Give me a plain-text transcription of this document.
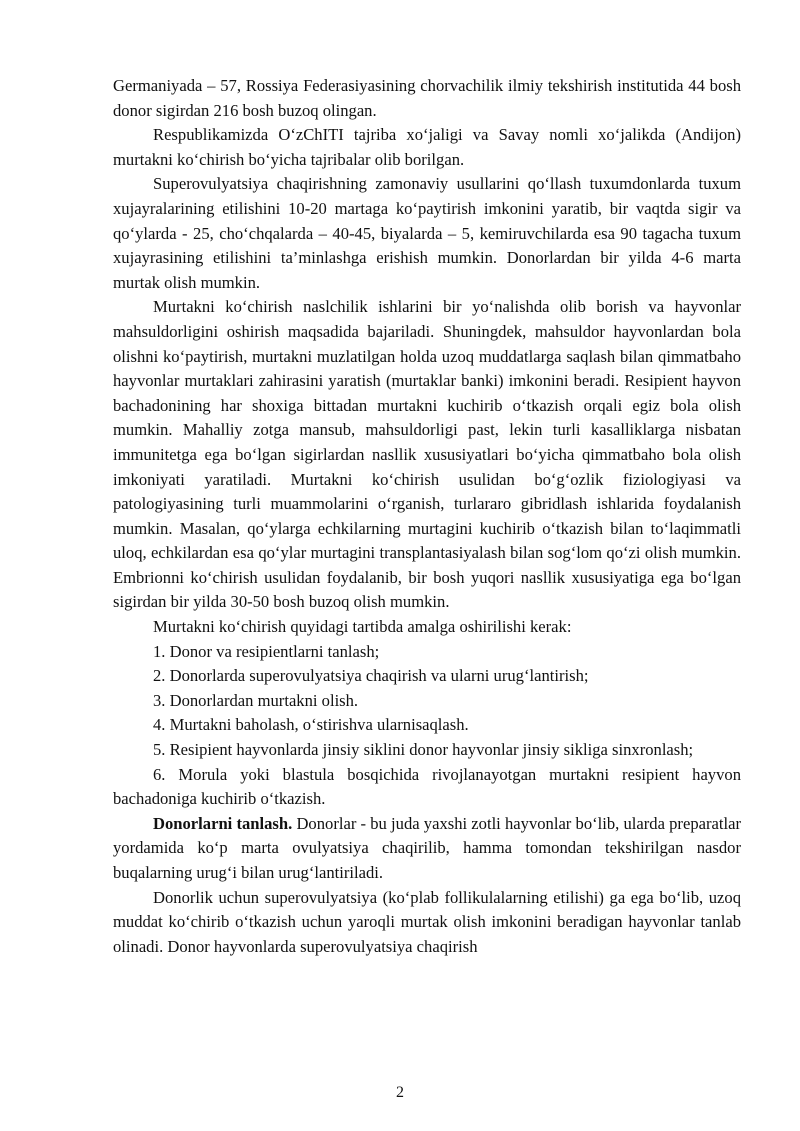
Germaniyada – 57, Rossiya Federasiyasining chorvachilik ilmiy tekshirish institutida 44 bosh donor sigirdan 216 bosh buzoq olingan.

Respublikamizda O‘zChITI tajriba xo‘jaligi va Savay nomli xo‘jalikda (Andijon) murtakni ko‘chirish bo‘yicha tajribalar olib borilgan.

Superovulyatsiya chaqirishning zamonaviy usullarini qo‘llash tuxumdonlarda tuxum xujayralarining etilishini 10-20 martaga ko‘paytirish imkonini yaratib, bir vaqtda sigir va qo‘ylarda - 25, cho‘chqalarda – 40-45, biyalarda – 5, kemiruvchilarda esa 90 tagacha tuxum xujayrasining etilishini ta’minlashga erishish mumkin. Donorlardan bir yilda 4-6 marta murtak olish mumkin.

Murtakni ko‘chirish naslchilik ishlarini bir yo‘nalishda olib borish va hayvonlar mahsuldorligini oshirish maqsadida bajariladi. Shuningdek, mahsuldor hayvonlardan bola olishni ko‘paytirish, murtakni muzlatilgan holda uzoq muddatlarga saqlash bilan qimmatbaho hayvonlar murtaklari zahirasini yaratish (murtaklar banki) imkonini beradi. Resipient hayvon bachadonining har shoxiga bittadan murtakni kuchirib o‘tkazish orqali egiz bola olish mumkin. Mahalliy zotga mansub, mahsuldorligi past, lekin turli kasalliklarga nisbatan immunitetga ega bo‘lgan sigirlardan nasllik xususiyatlari bo‘yicha qimmatbaho bola olish imkoniyati yaratiladi. Murtakni ko‘chirish usulidan bo‘g‘ozlik fiziologiyasi va patologiyasining turli muammolarini o‘rganish, turlararo gibridlash ishlarida foydalanish mumkin. Masalan, qo‘ylarga echkilarning murtagini kuchirib o‘tkazish bilan to‘laqimmatli uloq, echkilardan esa qo‘ylar murtagini transplantasiyalash bilan sog‘lom qo‘zi olish mumkin. Embrionni ko‘chirish usulidan foydalanib, bir bosh yuqori nasllik xususiyatiga ega bo‘lgan sigirdan bir yilda 30-50 bosh buzoq olish mumkin.

Murtakni ko‘chirish quyidagi tartibda amalga oshirilishi kerak:

1. Donor va resipientlarni tanlash;

2. Donorlarda superovulyatsiya chaqirish va ularni urug‘lantirish;

3. Donorlardan murtakni olish.

4. Murtakni baholash, o‘stirishva ularnisaqlash.

5. Resipient hayvonlarda jinsiy siklini donor hayvonlar jinsiy sikliga sinxronlash;

6. Morula yoki blastula bosqichida rivojlanayotgan murtakni resipient hayvon bachadoniga kuchirib o‘tkazish.

Donorlarni tanlash. Donorlar - bu juda yaxshi zotli hayvonlar bo‘lib, ularda preparatlar yordamida ko‘p marta ovulyatsiya chaqirilib, hamma tomondan tekshirilgan nasdor buqalarning urug‘i bilan urug‘lantiriladi.

Donorlik uchun superovulyatsiya (ko‘plab follikulalarning etilishi) ga ega bo‘lib, uzoq muddat ko‘chirib o‘tkazish uchun yaroqli murtak olish imkonini beradigan hayvonlar tanlab olinadi. Donor hayvonlarda superovulyatsiya chaqirish

2
